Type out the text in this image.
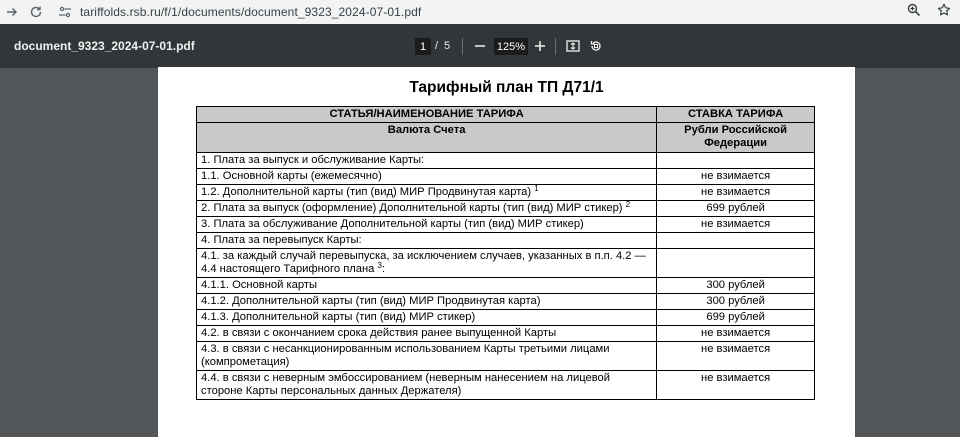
tariffolds.rsb.ru/f/1/documents/document_9323_2024-07-01.pdf
document_9323_2024-07-01.pdf
1	/ 5
125%
Тарифный план ТП Д71/1
СТАТЬЯ/НАИМЕНОВАНИЕ ТАРИФА	СТАВКА ТАРИФА
Валюта Счета	Рубли Российской Федерации
1. Плата за выпуск и обслуживание Карты:	
1.1. Основной карты (ежемесячно)	не взимается
1.2. Дополнительной карты (тип (вид) МИР Продвинутая карта) $^1$	не взимается
2. Плата за выпуск (оформление) Дополнительной карты (тип (вид) МИР стикер) $^2$	699 рублей
3. Плата за обслуживание Дополнительной карты (тип (вид) МИР стикер)	не взимается
4. Плата за перевыпуск Карты:	
4.1. за каждый случай перевыпуска, за исключением случаев, указанных в п.п. 4.2 — 4.4 настоящего Тарифного плана $^3$:	
4.1.1. Основной карты	300 рублей
4.1.2. Дополнительной карты (тип (вид) МИР Продвинутая карта)	300 рублей
4.1.3. Дополнительной карты (тип (вид) МИР стикер)	699 рублей
4.2. в связи с окончанием срока действия ранее выпущенной Карты	не взимается
4.3. в связи с несанкционированным использованием Карты третьими лицами (компрометация)	не взимается
4.4. в связи с неверным эмбоссированием (неверным нанесением на лицевой стороне Карты персональных данных Держателя)	не взимается
